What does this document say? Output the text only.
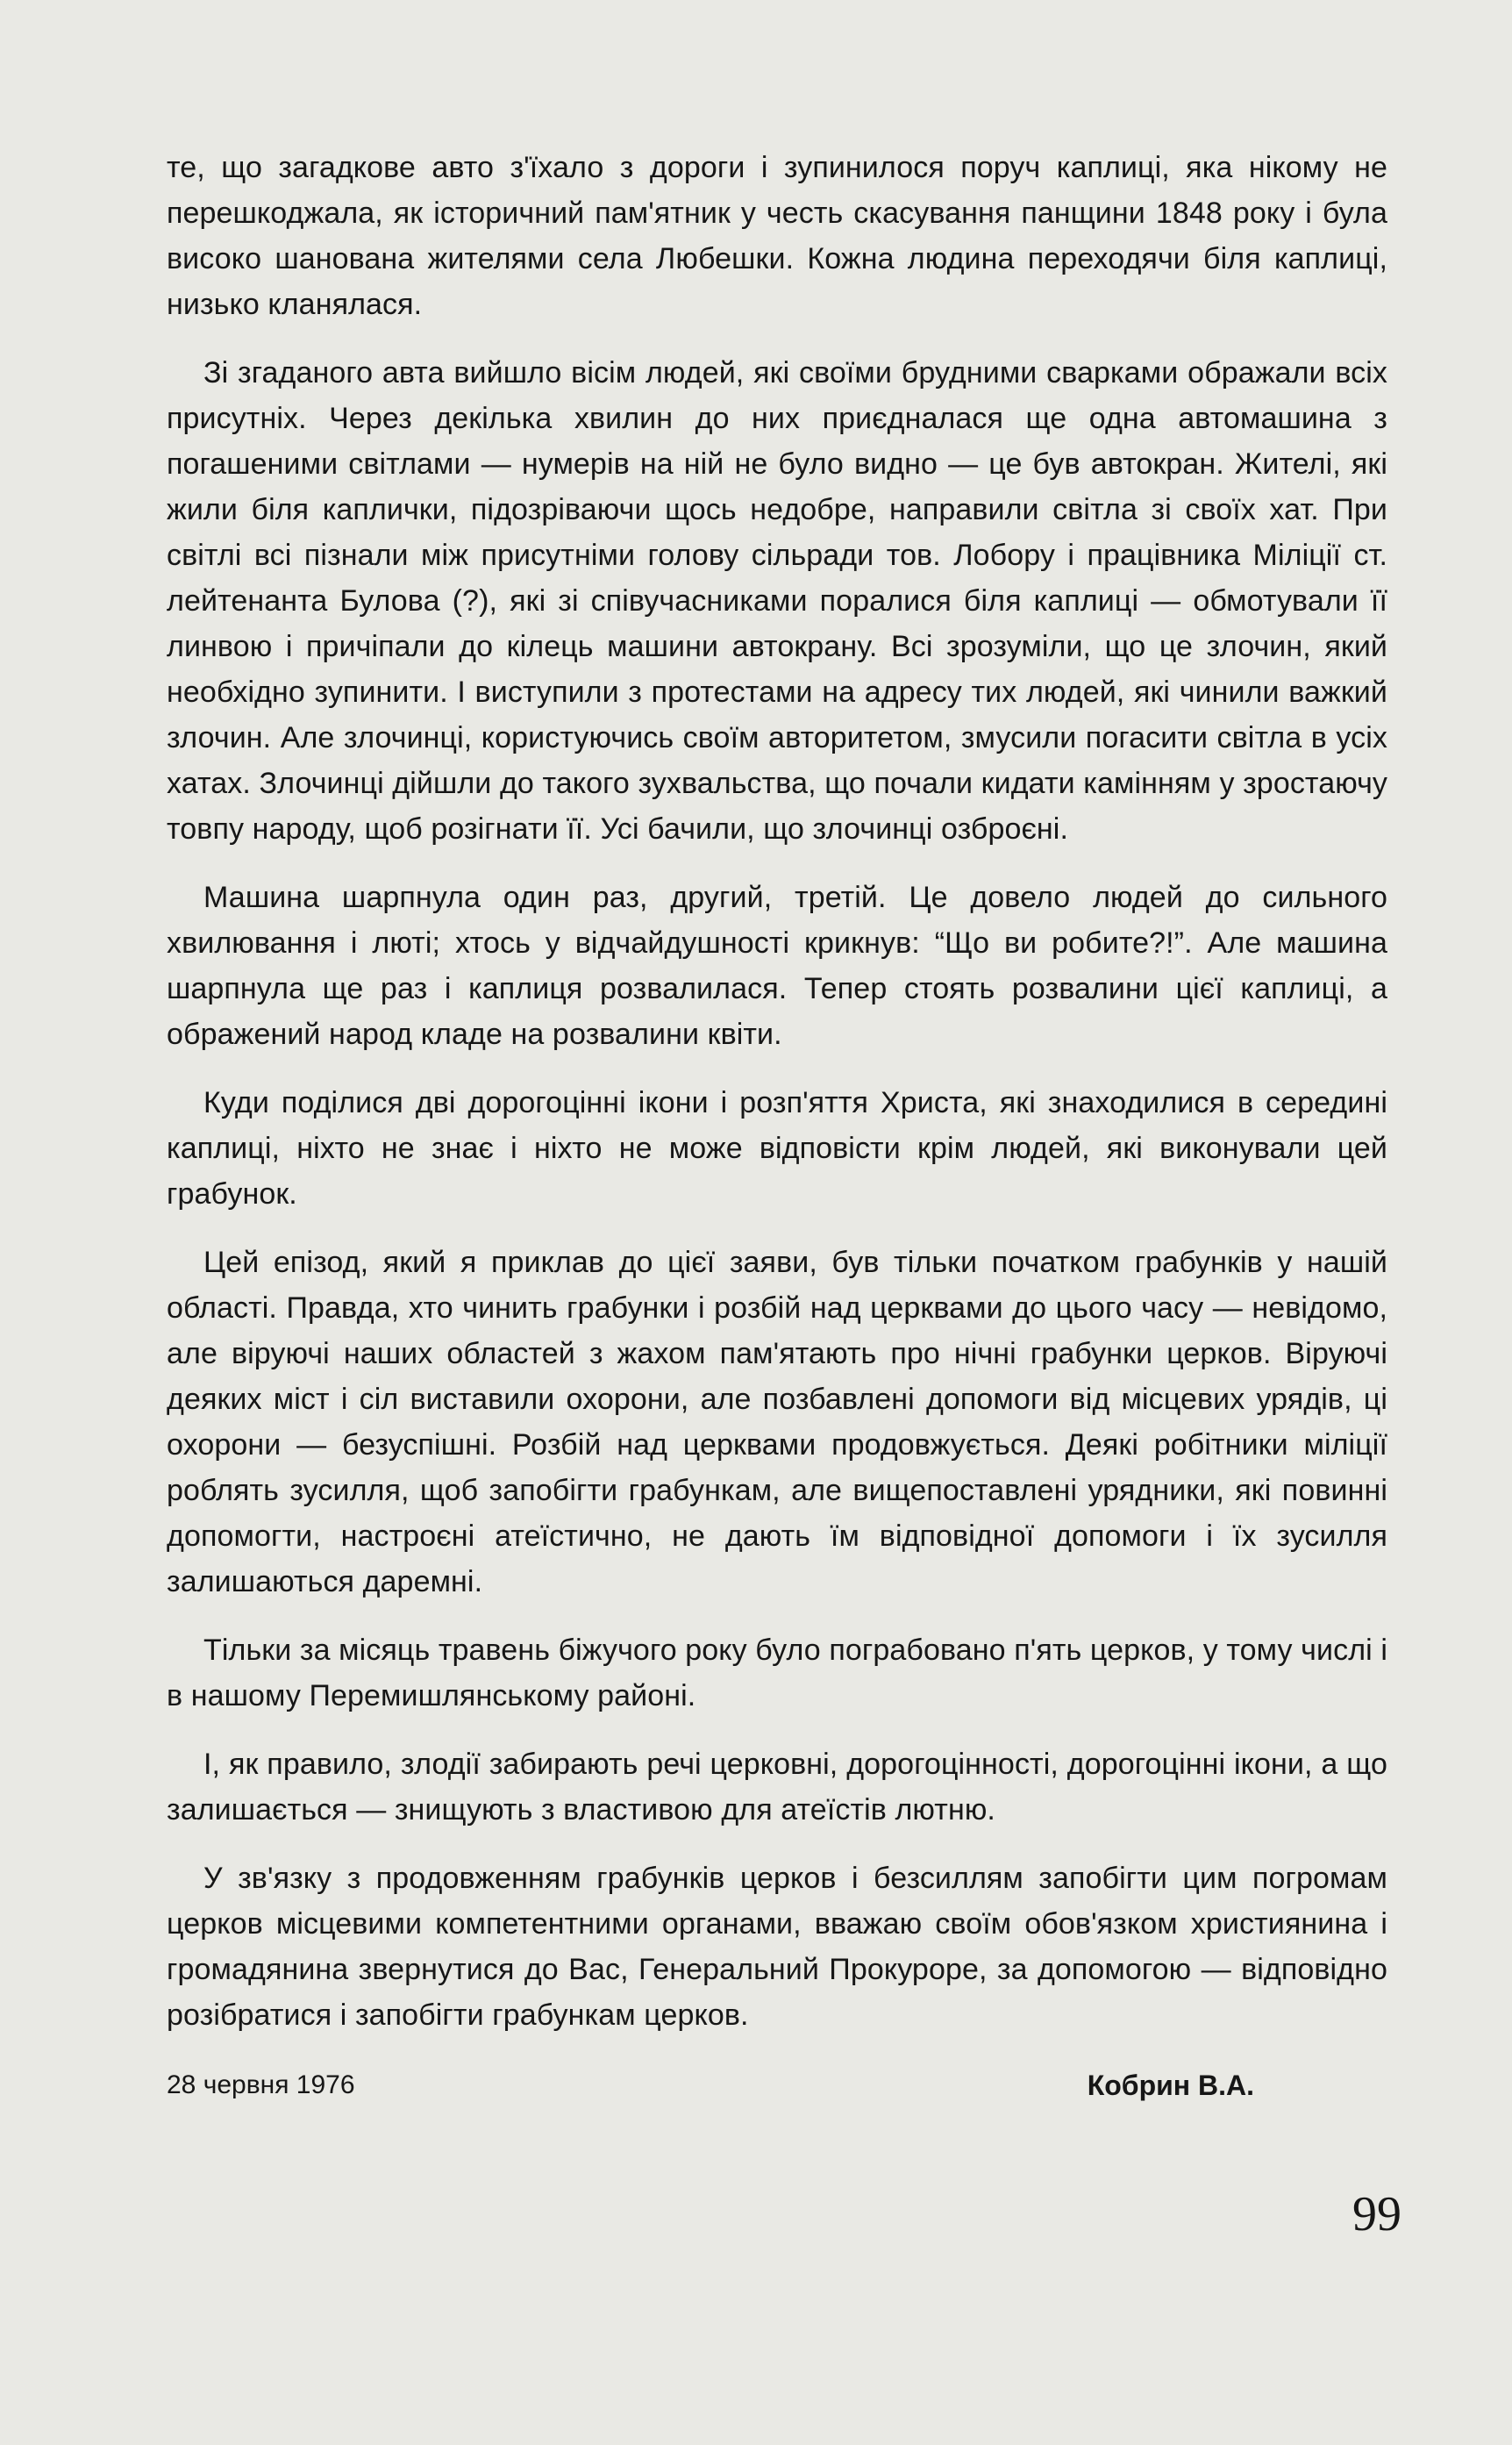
те, що загадкове авто з'їхало з дороги і зупинилося поруч каплиці, яка нікому не перешкоджала, як історичний пам'ятник у честь скасування панщини 1848 року і була високо шанована жителями села Любешки. Кожна людина переходячи біля каплиці, низько кланялася.

Зі згаданого авта вийшло вісім людей, які своїми брудними сварками ображали всіх присутніх. Через декілька хвилин до них приєдналася ще одна автомашина з погашеними світлами — нумерів на ній не було видно — це був автокран. Жителі, які жили біля каплички, підозріваючи щось недобре, направили світла зі своїх хат. При світлі всі пізнали між присутніми голову сільради тов. Лобору і працівника Міліції ст. лейтенанта Булова (?), які зі співучасниками поралися біля каплиці — обмотували її линвою і причіпали до кілець машини автокрану. Всі зрозуміли, що це злочин, який необхідно зупинити. І виступили з протестами на адресу тих людей, які чинили важкий злочин. Але злочинці, користуючись своїм авторитетом, змусили погасити світла в усіх хатах. Злочинці дійшли до такого зухвальства, що почали кидати камінням у зростаючу товпу народу, щоб розігнати її. Усі бачили, що злочинці озброєні.

Машина шарпнула один раз, другий, третій. Це довело людей до сильного хвилювання і люті; хтось у відчайдушності крикнув: “Що ви робите?!”. Але машина шарпнула ще раз і каплиця розвалилася. Тепер стоять розвалини цієї каплиці, а ображений народ кладе на розвалини квіти.

Куди поділися дві дорогоцінні ікони і розп'яття Христа, які знаходилися в середині каплиці, ніхто не знає і ніхто не може відповісти крім людей, які виконували цей грабунок.

Цей епізод, який я приклав до цієї заяви, був тільки початком грабунків у нашій області. Правда, хто чинить грабунки і розбій над церквами до цього часу — невідомо, але віруючі наших областей з жахом пам'ятають про нічні грабунки церков. Віруючі деяких міст і сіл виставили охорони, але позбавлені допомоги від місцевих урядів, ці охорони — безуспішні. Розбій над церквами продовжується. Деякі робітники міліції роблять зусилля, щоб запобігти грабункам, але вищепоставлені урядники, які повинні допомогти, настроєні атеїстично, не дають їм відповідної допомоги і їх зусилля залишаються даремні.

Тільки за місяць травень біжучого року було пограбовано п'ять церков, у тому числі і в нашому Перемишлянському районі.

І, як правило, злодії забирають речі церковні, дорогоцінності, дорогоцінні ікони, а що залишається — знищують з властивою для атеїстів лютню.

У зв'язку з продовженням грабунків церков і безсиллям запобігти цим погромам церков місцевими компетентними органами, вважаю своїм обов'язком християнина і громадянина звернутися до Вас, Генеральний Прокуроре, за допомогою — відповідно розібратися і запобігти грабункам церков.

28 червня 1976	Кобрин В.А.
99
